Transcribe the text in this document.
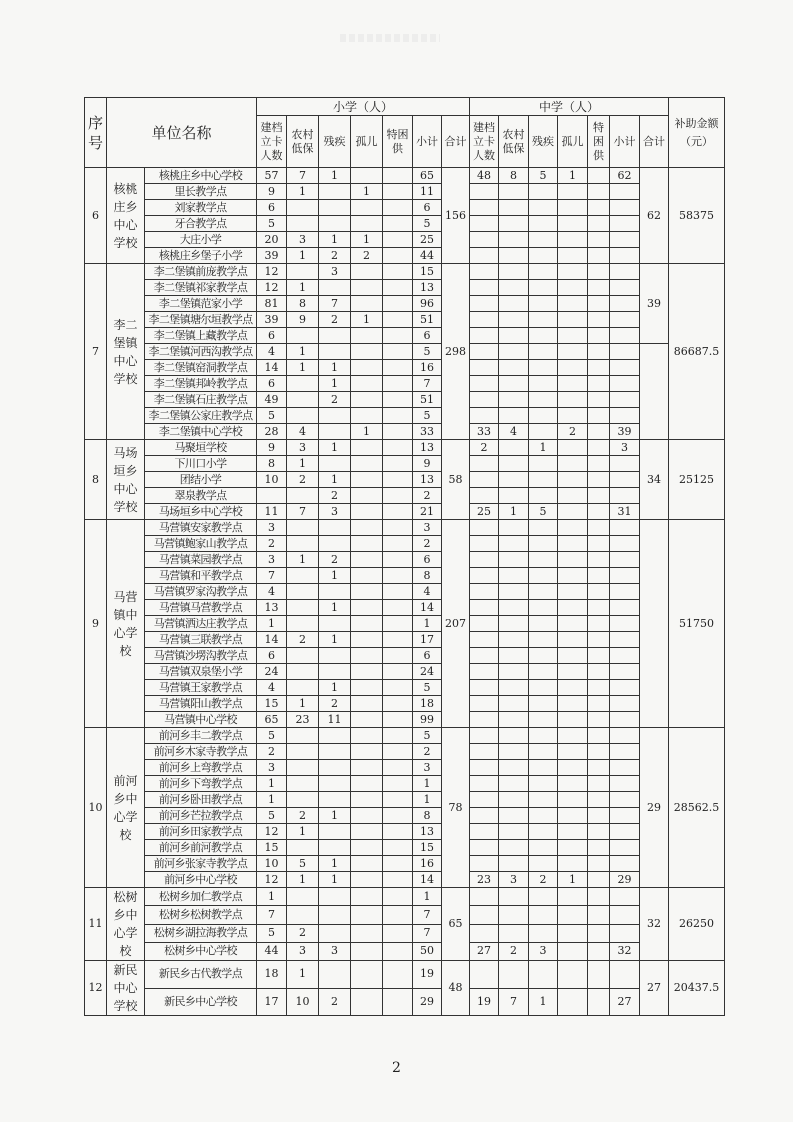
序号	单位名称		小学（人）							中学（人）							补助金额（元）
			建档立卡人数	农村低保	残疾	孤儿	特困供	小计	合计	建档立卡人数	农村低保	残疾	孤儿	特困供	小计	合计	
6	核桃庄乡中心学校	核桃庄乡中心学校	57	7	1			65	156	48	8	5	1		62	62	58375
		里长教学点	9	1		1		11									
		刘家教学点	6					6									
		牙合教学点	5					5									
		大庄小学	20	3	1	1		25									
		核桃庄乡堡子小学	39	1	2	2		44									
7	李二堡镇中心学校	李二堡镇前庞教学点	12		3			15	298							39	86687.5
		李二堡镇祁家教学点	12	1				13									
		李二堡镇范家小学	81	8	7			96									
		李二堡镇塘尔垣教学点	39	9	2	1		51									
		李二堡镇上藏教学点	6					6									
		李二堡镇河西沟教学点	4	1				5									
		李二堡镇窑洞教学点	14	1	1			16									
		李二堡镇邦岭教学点	6		1			7									
		李二堡镇石庄教学点	49		2			51									
		李二堡镇公家庄教学点	5					5									
		李二堡镇中心学校	28	4		1		33		33	4		2		39		
8	马场垣乡中心学校	马聚垣学校	9	3	1			13	58	2		1			3	34	25125
		下川口小学	8	1				9									
		团结小学	10	2	1			13									
		翠泉教学点			2			2									
		马场垣乡中心学校	11	7	3			21		25	1	5			31		
9	马营镇中心学校	马营镇安家教学点	3					3	207								51750
		马营镇鲍家山教学点	2					2									
		马营镇菜园教学点	3	1	2			6									
		马营镇和平教学点	7		1			8									
		马营镇罗家沟教学点	4					4									
		马营镇马营教学点	13		1			14									
		马营镇洒达庄教学点	1					1									
		马营镇三联教学点	14	2	1			17									
		马营镇沙塄沟教学点	6					6									
		马营镇双泉堡小学	24					24									
		马营镇王家教学点	4		1			5									
		马营镇阳山教学点	15	1	2			18									
		马营镇中心学校	65	23	11			99									
10	前河乡中心学校	前河乡丰二教学点	5					5	78							29	28562.5
		前河乡木家寺教学点	2					2									
		前河乡上弯教学点	3					3									
		前河乡下弯教学点	1					1									
		前河乡卧田教学点	1					1									
		前河乡芒拉教学点	5	2	1			8									
		前河乡田家教学点	12	1				13									
		前河乡前河教学点	15					15									
		前河乡张家寺教学点	10	5	1			16									
		前河乡中心学校	12	1	1			14		23	3	2	1		29		
11	松树乡中心学校	松树乡加仁教学点	1					1	65							32	26250
		松树乡松树教学点	7					7									
		松树乡湖拉海教学点	5	2				7									
		松树乡中心学校	44	3	3			50		27	2	3			32		
12	新民中心学校	新民乡古代教学点	18	1				19	48							27	20437.5
		新民乡中心学校	17	10	2			29		19	7	1			27		
2
